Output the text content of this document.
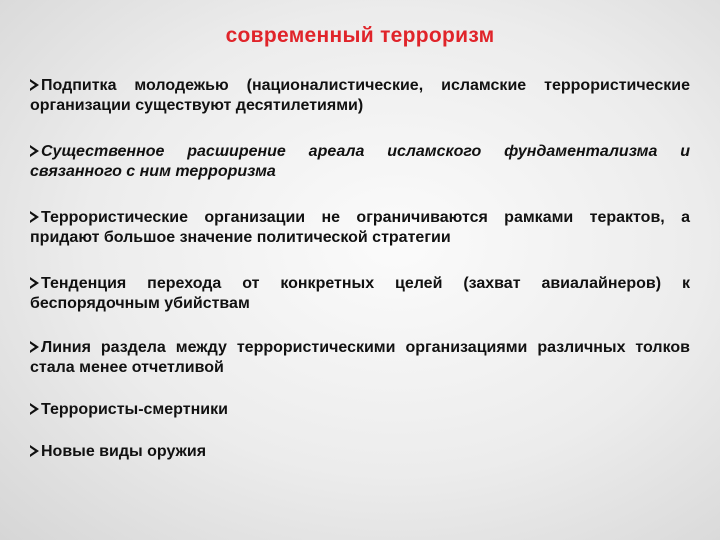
современный терроризм
Подпитка молодежью (националистические, исламские террористические организации существуют десятилетиями)
Существенное расширение ареала исламского фундаментализма и связанного с ним терроризма
Террористические организации не ограничиваются рамками терактов, а придают большое значение политической стратегии
Тенденция перехода от конкретных целей (захват авиалайнеров) к беспорядочным убийствам
Линия раздела между террористическими организациями различных толков стала менее отчетливой
Террористы-смертники
Новые виды оружия
